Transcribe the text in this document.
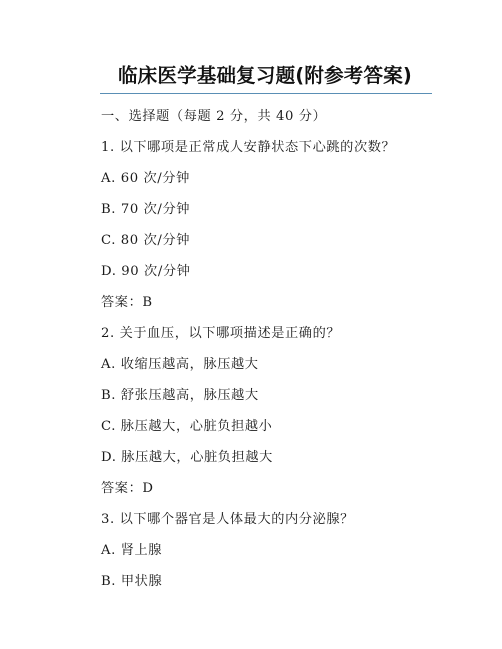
临床医学基础复习题(附参考答案)
一、选择题（每题 2 分，共 40 分）
1. 以下哪项是正常成人安静状态下心跳的次数？
A. 60 次/分钟
B. 70 次/分钟
C. 80 次/分钟
D. 90 次/分钟
答案：B
2. 关于血压，以下哪项描述是正确的？
A. 收缩压越高，脉压越大
B. 舒张压越高，脉压越大
C. 脉压越大，心脏负担越小
D. 脉压越大，心脏负担越大
答案：D
3. 以下哪个器官是人体最大的内分泌腺？
A. 肾上腺
B. 甲状腺
